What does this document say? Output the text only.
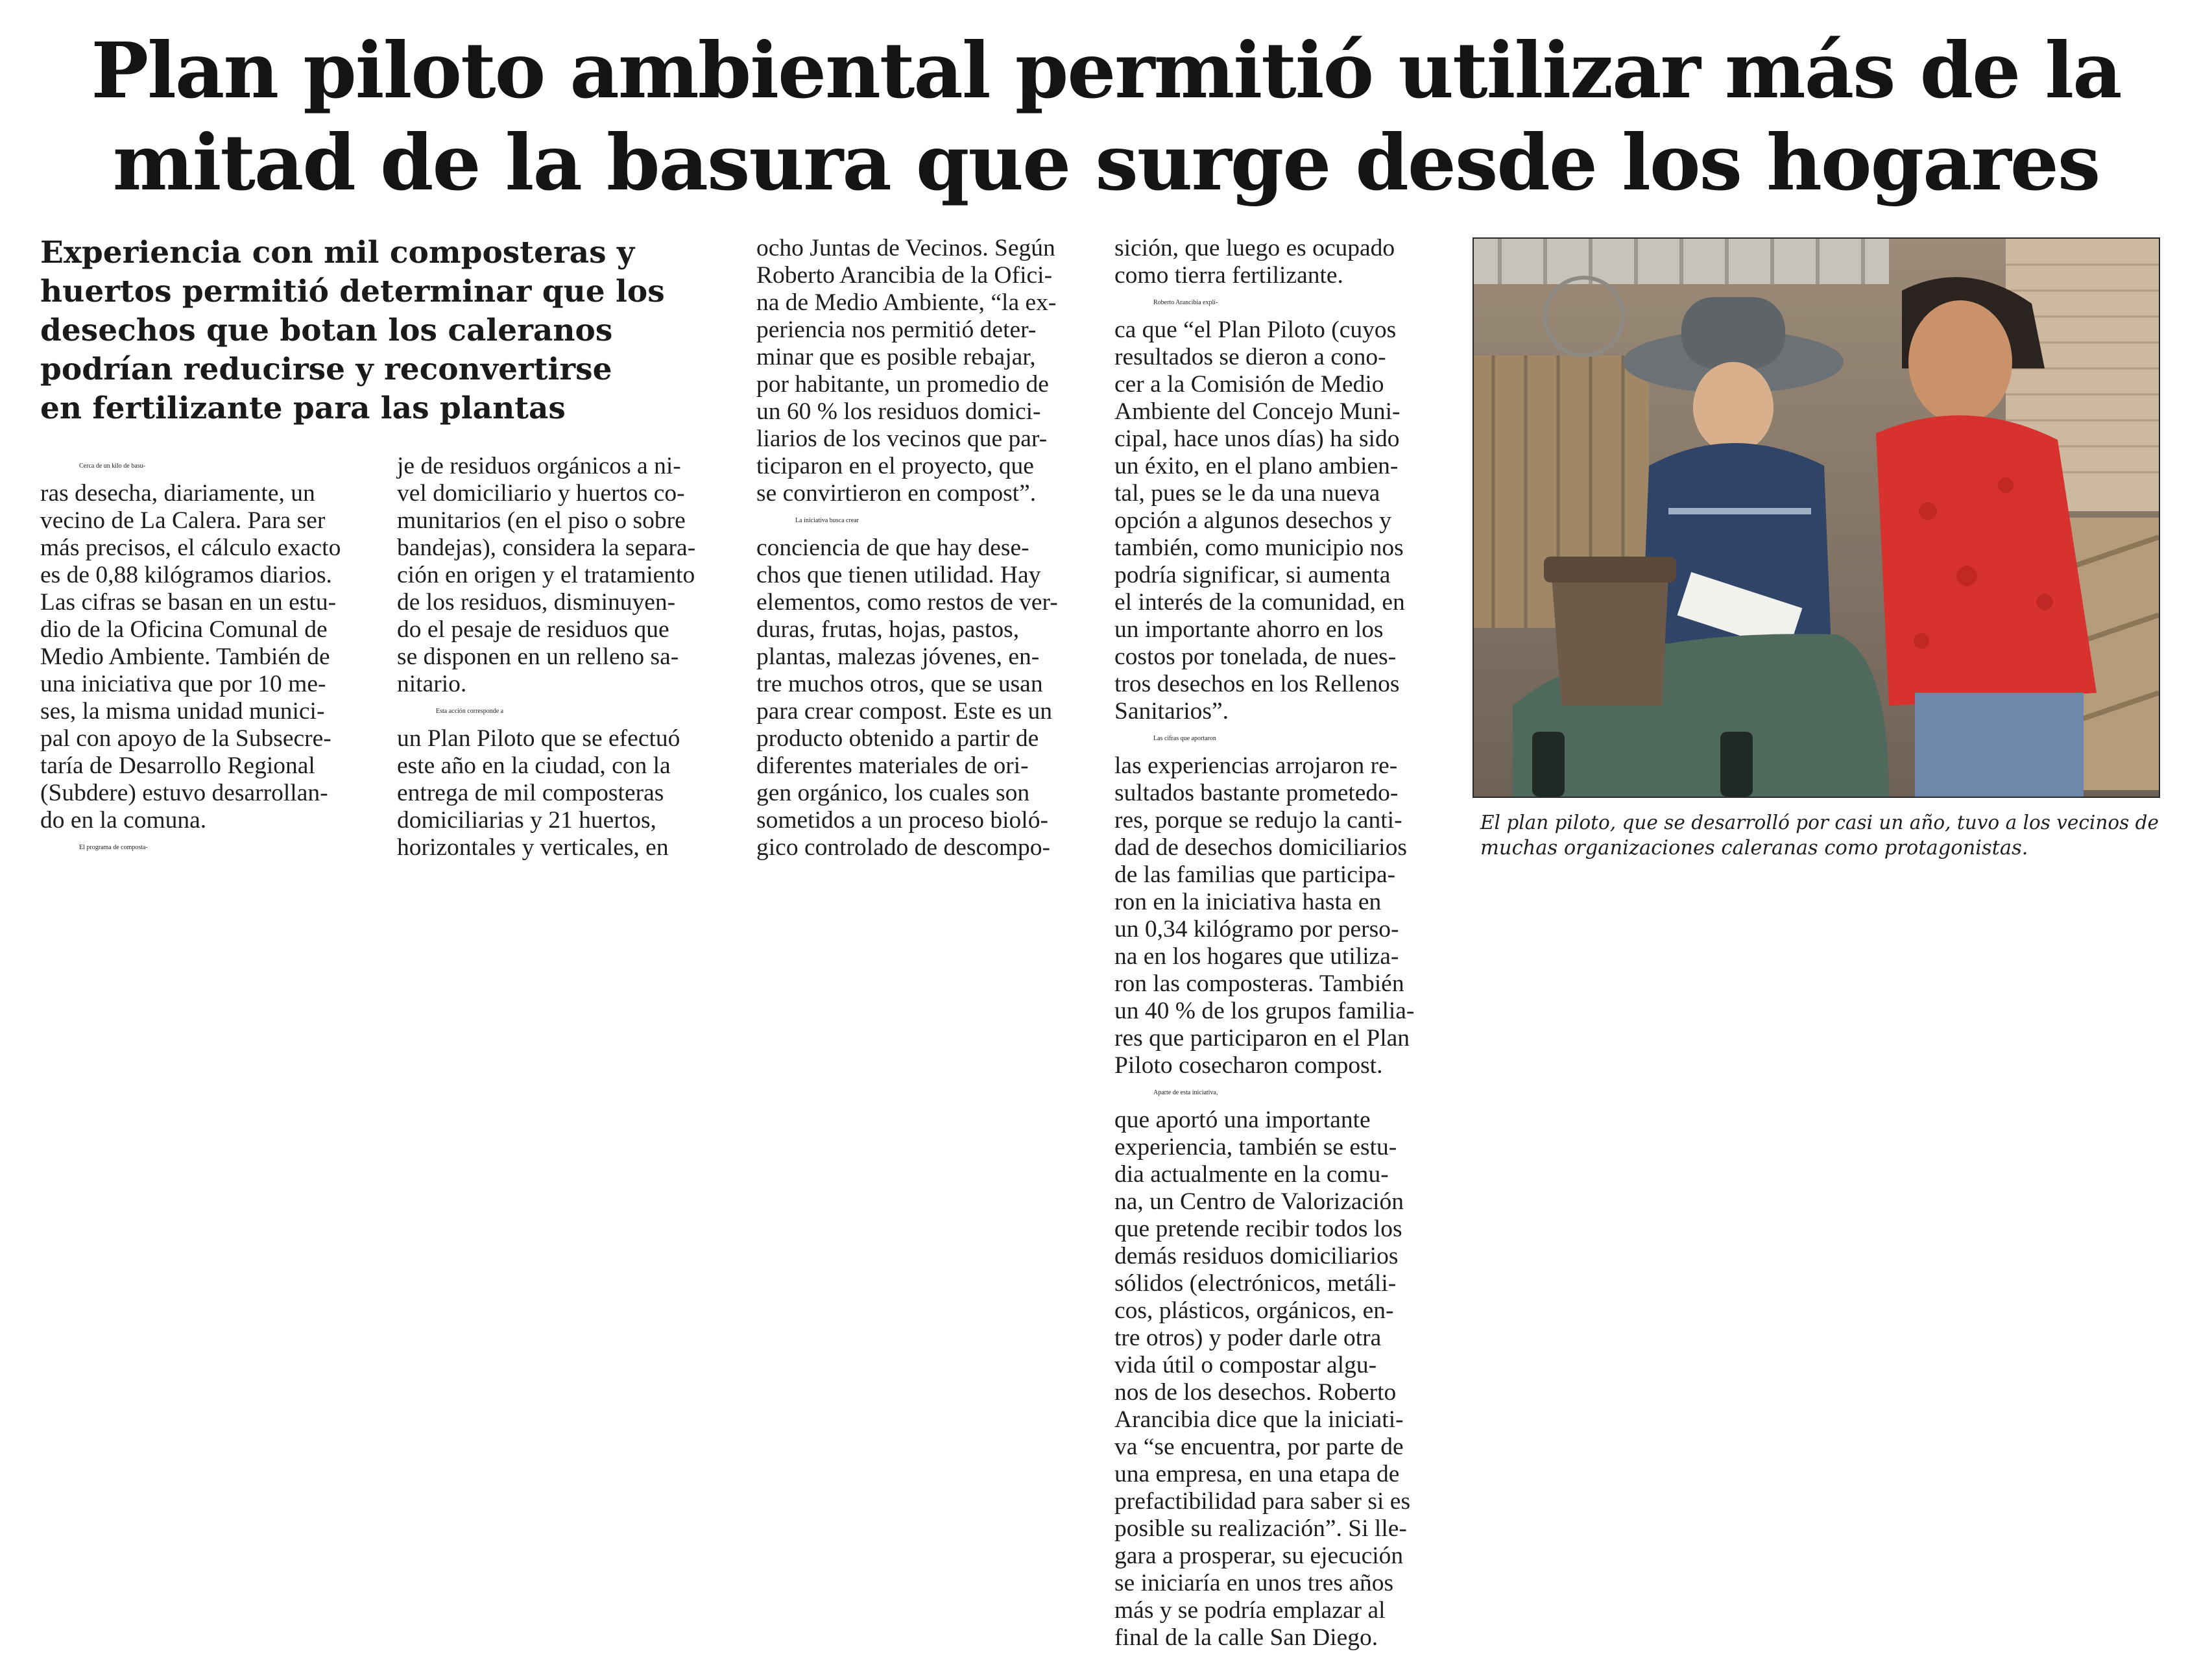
Plan piloto ambiental permitió utilizar más de la
mitad de la basura que surge desde los hogares
Experiencia con mil composteras y
huertos permitió determinar que los
desechos que botan los caleranos
podrían reducirse y reconvertirse
en fertilizante para las plantas
Cerca de un kilo de basu-
ras desecha, diariamente, un
vecino de La Calera. Para ser
más precisos, el cálculo exacto
es de 0,88 kilógramos diarios.
Las cifras se basan en un estu-
dio de la Oficina Comunal de
Medio Ambiente. También de
una iniciativa que por 10 me-
ses, la misma unidad munici-
pal con apoyo de la Subsecre-
taría de Desarrollo Regional
(Subdere) estuvo desarrollan-
do en la comuna.
El programa de composta-
je de residuos orgánicos a ni-
vel domiciliario y huertos co-
munitarios (en el piso o sobre
bandejas), considera la separa-
ción en origen y el tratamiento
de los residuos, disminuyen-
do el pesaje de residuos que
se disponen en un relleno sa-
nitario.
Esta acción corresponde a
un Plan Piloto que se efectuó
este año en la ciudad, con la
entrega de mil composteras
domiciliarias y 21 huertos,
horizontales y verticales, en
ocho Juntas de Vecinos. Según
Roberto Arancibia de la Ofici-
na de Medio Ambiente, “la ex-
periencia nos permitió deter-
minar que es posible rebajar,
por habitante, un promedio de
un 60 % los residuos domici-
liarios de los vecinos que par-
ticiparon en el proyecto, que
se convirtieron en compost”.
La iniciativa busca crear
conciencia de que hay dese-
chos que tienen utilidad. Hay
elementos, como restos de ver-
duras, frutas, hojas, pastos,
plantas, malezas jóvenes, en-
tre muchos otros, que se usan
para crear compost. Este es un
producto obtenido a partir de
diferentes materiales de ori-
gen orgánico, los cuales son
sometidos a un proceso bioló-
gico controlado de descompo-
sición, que luego es ocupado
como tierra fertilizante.
Roberto Arancibia expli-
ca que “el Plan Piloto (cuyos
resultados se dieron a cono-
cer a la Comisión de Medio
Ambiente del Concejo Muni-
cipal, hace unos días) ha sido
un éxito, en el plano ambien-
tal, pues se le da una nueva
opción a algunos desechos y
también, como municipio nos
podría significar, si aumenta
el interés de la comunidad, en
un importante ahorro en los
costos por tonelada, de nues-
tros desechos en los Rellenos
Sanitarios”.
Las cifras que aportaron
las experiencias arrojaron re-
sultados bastante prometedo-
res, porque se redujo la canti-
dad de desechos domiciliarios
de las familias que participa-
ron en la iniciativa hasta en
un 0,34 kilógramo por perso-
na en los hogares que utiliza-
ron las composteras. También
un 40 % de los grupos familia-
res que participaron en el Plan
Piloto cosecharon compost.
Aparte de esta iniciativa,
que aportó una importante
experiencia, también se estu-
dia actualmente en la comu-
na, un Centro de Valorización
que pretende recibir todos los
demás residuos domiciliarios
sólidos (electrónicos, metáli-
cos, plásticos, orgánicos, en-
tre otros) y poder darle otra
vida útil o compostar algu-
nos de los desechos. Roberto
Arancibia dice que la iniciati-
va “se encuentra, por parte de
una empresa, en una etapa de
prefactibilidad para saber si es
posible su realización”. Si lle-
gara a prosperar, su ejecución
se iniciaría en unos tres años
más y se podría emplazar al
final de la calle San Diego.

El plan piloto, que se desarrolló por casi un año, tuvo a los vecinos de
muchas organizaciones caleranas como protagonistas.
